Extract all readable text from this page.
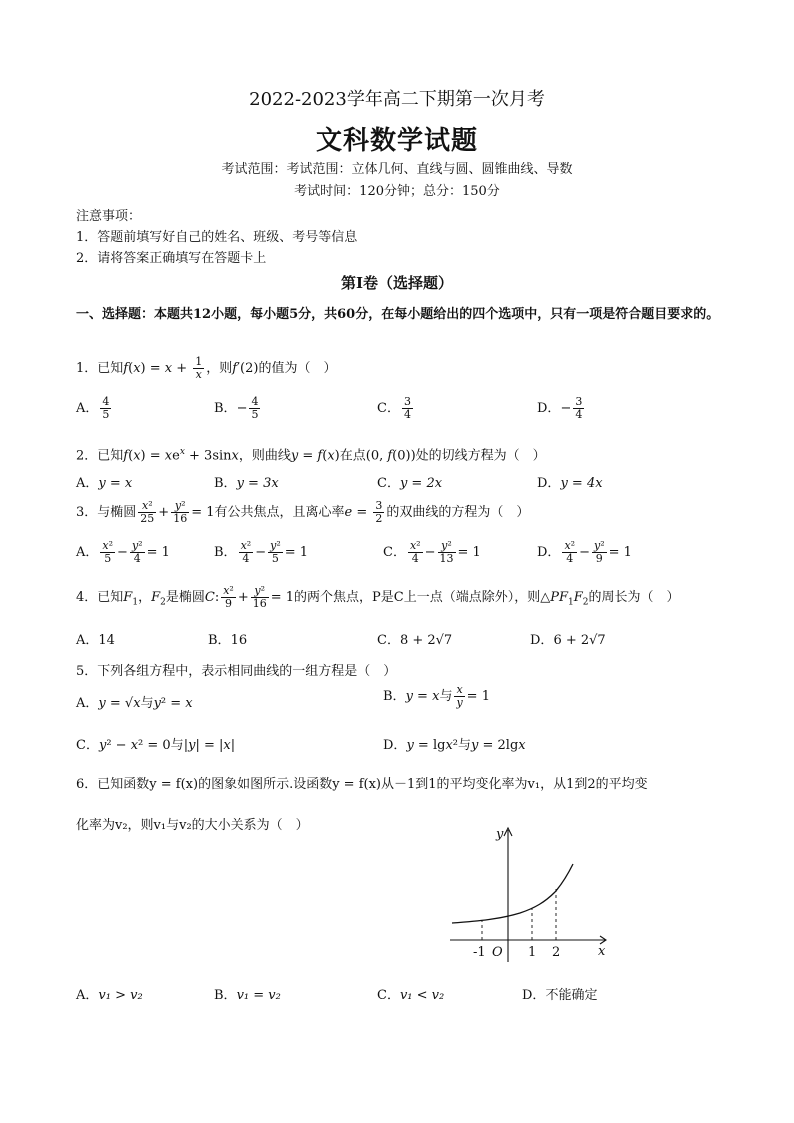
2022-2023学年高二下期第一次月考
文科数学试题
考试范围：考试范围：立体几何、直线与圆、圆锥曲线、导数
考试时间：120分钟；总分：150分
注意事项：
1．答题前填写好自己的姓名、班级、考号等信息
2．请将答案正确填写在答题卡上
第Ⅰ卷（选择题）
一、选择题：本题共12小题，每小题5分，共60分，在每小题给出的四个选项中，只有一项是符合题目要求的。
1．已知$f(x) = x + \frac{1}{x}$ ，则f′(2)的值为（　）
A． $\frac{4}{5}$	B．− $\frac{4}{5}$	C． $\frac{3}{4}$	D．− $\frac{3}{4}$
2．已知$f(x) = xe^x + 3\sin x$，则曲线y = f(x)在点(0, f(0))处的切线方程为（　）
A．y = x	B．y = 3x	C．y = 2x	D．y = 4x
3．与椭圆 $\frac{\text{x²}}{25} + \frac{\text{y²}}{16} = 1$有公共焦点，且离心率$e = \frac{3}{2}$ 的双曲线的方程为（　）
A． $\frac{\text{x²}}{5} - \frac{\text{y²}}{4} = 1$	B． $\frac{\text{x²}}{4} - \frac{\text{y²}}{5} = 1$	C． $\frac{\text{x²}}{4} - \frac{\text{y²}}{13} = 1$	D． $\frac{\text{x²}}{4} - \frac{\text{y²}}{9} = 1$
4．已知$F_1$，$F_2$是椭圆C: $\frac{\text{x²}}{9} + \frac{\text{y²}}{16} = 1$的两个焦点，P是C上一点（端点除外），则$\triangle PF_1F_2$的周长为（　）
A．14	B．16	C．8 + 2√7	D．6 + 2√7
5．下列各组方程中，表示相同曲线的一组方程是（　）
A．y = √x与y² = x	B．y = x与 $\frac{x}{y} = 1$
C．y² − x² = 0与|y| = |x|	D．y = lgx²与y = 2lgx
6．已知函数y = f(x)的图象如图所示.设函数y = f(x)从－1到1的平均变化率为v₁，从1到2的平均变
化率为v₂，则v₁与v₂的大小关系为（　）
y
x
O
-1	1 2
A．v₁ > v₂	B．v₁ = v₂	C．v₁ < v₂	D．不能确定
